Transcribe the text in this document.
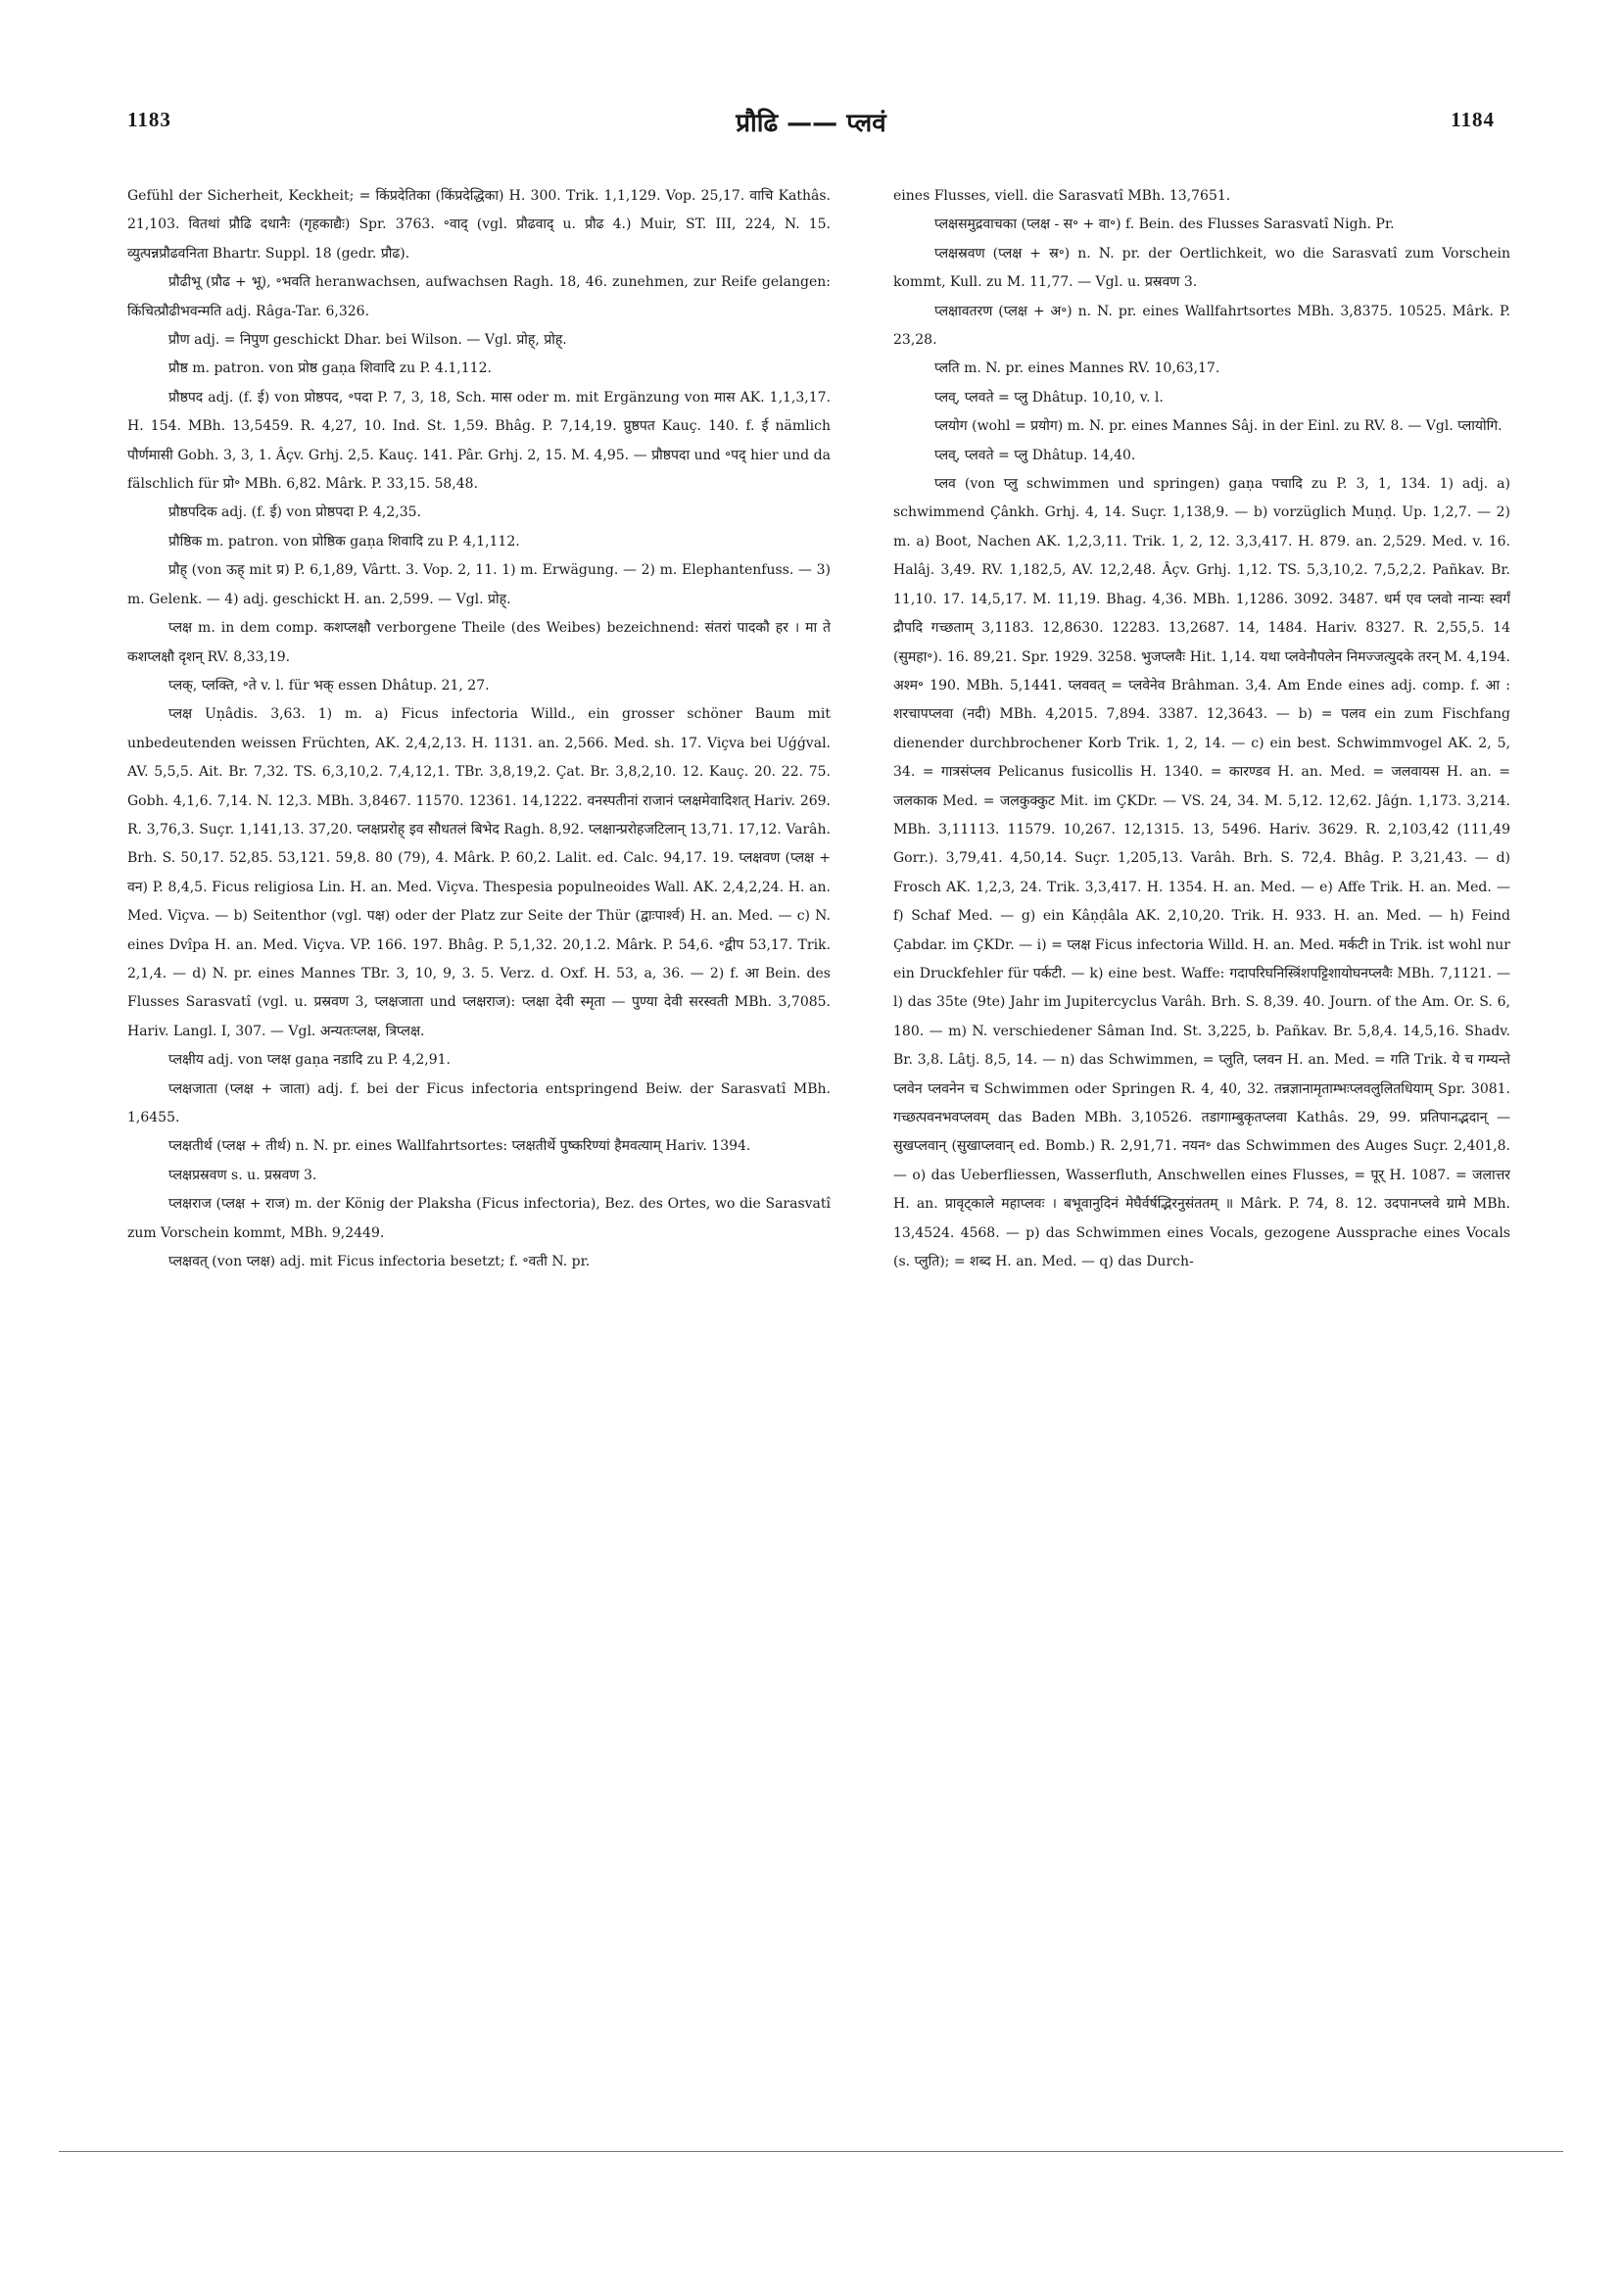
1183	प्रौढि —— प्लवं	1184

Gefühl der Sicherheit, Keckheit; = किंप्रदेतिका (किंप्रदेद्धिका) H. 300. Trik. 1,1,129. Vop. 25,17. वाचि Kathâs. 21,103. वितथां प्रौढि दधानैः (गृहकाद्यैः) Spr. 3763. ॰वाद् (vgl. प्रौढवाद् u. प्रौढ 4.) Muir, ST. III, 224, N. 15. व्युत्पन्नप्रौढवनिता Bhartr. Suppl. 18 (gedr. प्रौढ).

प्रौढीभू (प्रौढ + भू), ॰भवति heranwachsen, aufwachsen Ragh. 18, 46. zunehmen, zur Reife gelangen: किंचित्प्रौढीभवन्मति adj. Râga-Tar. 6,326.

प्रौण adj. = निपुण geschickt Dhar. bei Wilson. — Vgl. प्रोह्, प्रोह्.

प्रौष्ठ m. patron. von प्रोष्ठ gaṇa शिवादि zu P. 4.1,112.

प्रौष्ठपद adj. (f. ई) von प्रोष्ठपद, ॰पदा P. 7, 3, 18, Sch. मास oder m. mit Ergänzung von मास AK. 1,1,3,17. H. 154. MBh. 13,5459. R. 4,27, 10. Ind. St. 1,59. Bhâg. P. 7,14,19. प्रुष्ठपत Kauç. 140. f. ई nämlich पौर्णमासी Gobh. 3, 3, 1. Âçv. Grhj. 2,5. Kauç. 141. Pâr. Grhj. 2, 15. M. 4,95. — प्रौष्ठपदा und ॰पद् hier und da fälschlich für प्रो॰ MBh. 6,82. Mârk. P. 33,15. 58,48.

प्रौष्ठपदिक adj. (f. ई) von प्रोष्ठपदा P. 4,2,35.

प्रौष्ठिक m. patron. von प्रोष्ठिक gaṇa शिवादि zu P. 4,1,112.

प्रौह् (von ऊह् mit प्र) P. 6,1,89, Vârtt. 3. Vop. 2, 11. 1) m. Erwägung. — 2) m. Elephantenfuss. — 3) m. Gelenk. — 4) adj. geschickt H. an. 2,599. — Vgl. प्रोह्.

प्लक्ष m. in dem comp. कशप्लक्षौ verborgene Theile (des Weibes) bezeichnend: संतरां पादकौ हर । मा ते कशप्लक्षौ दृशन् RV. 8,33,19.

प्लक्, प्लक्ति, ॰ते v. l. für भक् essen Dhâtup. 21, 27.

प्लक्ष Uṇâdis. 3,63. 1) m. a) Ficus infectoria Willd., ein grosser schöner Baum mit unbedeutenden weissen Früchten, AK. 2,4,2,13. H. 1131. an. 2,566. Med. sh. 17. Viçva bei Uǵǵval. AV. 5,5,5. Ait. Br. 7,32. TS. 6,3,10,2. 7,4,12,1. TBr. 3,8,19,2. Çat. Br. 3,8,2,10. 12. Kauç. 20. 22. 75. Gobh. 4,1,6. 7,14. N. 12,3. MBh. 3,8467. 11570. 12361. 14,1222. वनस्पतीनां राजानं प्लक्षमेवादिशत् Hariv. 269. R. 3,76,3. Suçr. 1,141,13. 37,20. प्लक्षप्ररोह् इव सौधतलं बिभेद Ragh. 8,92. प्लक्षान्प्ररोहजटिलान् 13,71. 17,12. Varâh. Brh. S. 50,17. 52,85. 53,121. 59,8. 80 (79), 4. Mârk. P. 60,2. Lalit. ed. Calc. 94,17. 19. प्लक्षवण (प्लक्ष + वन) P. 8,4,5. Ficus religiosa Lin. H. an. Med. Viçva. Thespesia populneoides Wall. AK. 2,4,2,24. H. an. Med. Viçva. — b) Seitenthor (vgl. पक्ष) oder der Platz zur Seite der Thür (द्वाःपार्श्व) H. an. Med. — c) N. eines Dvîpa H. an. Med. Viçva. VP. 166. 197. Bhâg. P. 5,1,32. 20,1.2. Mârk. P. 54,6. ॰द्वीप 53,17. Trik. 2,1,4. — d) N. pr. eines Mannes TBr. 3, 10, 9, 3. 5. Verz. d. Oxf. H. 53, a, 36. — 2) f. आ Bein. des Flusses Sarasvatî (vgl. u. प्रस्रवण 3, प्लक्षजाता und प्लक्षराज): प्लक्षा देवी स्मृता — पुण्या देवी सरस्वती MBh. 3,7085. Hariv. Langl. I, 307. — Vgl. अन्यतःप्लक्ष, त्रिप्लक्ष.

प्लक्षीय adj. von प्लक्ष gaṇa नडादि zu P. 4,2,91.

प्लक्षजाता (प्लक्ष + जाता) adj. f. bei der Ficus infectoria entspringend Beiw. der Sarasvatî MBh. 1,6455.

प्लक्षतीर्थ (प्लक्ष + तीर्थ) n. N. pr. eines Wallfahrtsortes: प्लक्षतीर्थे पुष्करिण्यां हैमवत्याम् Hariv. 1394.

प्लक्षप्रस्रवण s. u. प्रस्रवण 3.

प्लक्षराज (प्लक्ष + राज) m. der König der Plaksha (Ficus infectoria), Bez. des Ortes, wo die Sarasvatî zum Vorschein kommt, MBh. 9,2449.

प्लक्षवत् (von प्लक्ष) adj. mit Ficus infectoria besetzt; f. ॰वती N. pr.

eines Flusses, viell. die Sarasvatî MBh. 13,7651.

प्लक्षसमुद्रवाचका (प्लक्ष - स॰ + वा॰) f. Bein. des Flusses Sarasvatî Nigh. Pr.

प्लक्षस्रवण (प्लक्ष + स्र॰) n. N. pr. der Oertlichkeit, wo die Sarasvatî zum Vorschein kommt, Kull. zu M. 11,77. — Vgl. u. प्रस्रवण 3.

प्लक्षावतरण (प्लक्ष + अ॰) n. N. pr. eines Wallfahrtsortes MBh. 3,8375. 10525. Mârk. P. 23,28.

प्लति m. N. pr. eines Mannes RV. 10,63,17.

प्लव्, प्लवते = प्लु Dhâtup. 10,10, v. l.

प्लयोग (wohl = प्रयोग) m. N. pr. eines Mannes Sâj. in der Einl. zu RV. 8. — Vgl. प्लायोगि.

प्लव्, प्लवते = प्लु Dhâtup. 14,40.

प्लव (von प्लु schwimmen und springen) gaṇa पचादि zu P. 3, 1, 134. 1) adj. a) schwimmend Çânkh. Grhj. 4, 14. Suçr. 1,138,9. — b) vorzüglich Muṇḍ. Up. 1,2,7. — 2) m. a) Boot, Nachen AK. 1,2,3,11. Trik. 1, 2, 12. 3,3,417. H. 879. an. 2,529. Med. v. 16. Halâj. 3,49. RV. 1,182,5, AV. 12,2,48. Âçv. Grhj. 1,12. TS. 5,3,10,2. 7,5,2,2. Pañkav. Br. 11,10. 17. 14,5,17. M. 11,19. Bhag. 4,36. MBh. 1,1286. 3092. 3487. धर्म एव प्लवो नान्यः स्वर्गं द्रौपदि गच्छताम् 3,1183. 12,8630. 12283. 13,2687. 14, 1484. Hariv. 8327. R. 2,55,5. 14 (सुमहा॰). 16. 89,21. Spr. 1929. 3258. भुजप्लवैः Hit. 1,14. यथा प्लवेनौपलेन निमज्जत्युदके तरन् M. 4,194. अश्म॰ 190. MBh. 5,1441. प्लववत् = प्लवेनेव Brâhman. 3,4. Am Ende eines adj. comp. f. आ : शरचापप्लवा (नदी) MBh. 4,2015. 7,894. 3387. 12,3643. — b) = पलव ein zum Fischfang dienender durchbrochener Korb Trik. 1, 2, 14. — c) ein best. Schwimmvogel AK. 2, 5, 34. = गात्रसंप्लव Pelicanus fusicollis H. 1340. = कारण्डव H. an. Med. = जलवायस H. an. = जलकाक Med. = जलकुक्कुट Mit. im ÇKDr. — VS. 24, 34. M. 5,12. 12,62. Jâǵn. 1,173. 3,214. MBh. 3,11113. 11579. 10,267. 12,1315. 13, 5496. Hariv. 3629. R. 2,103,42 (111,49 Gorr.). 3,79,41. 4,50,14. Suçr. 1,205,13. Varâh. Brh. S. 72,4. Bhâg. P. 3,21,43. — d) Frosch AK. 1,2,3, 24. Trik. 3,3,417. H. 1354. H. an. Med. — e) Affe Trik. H. an. Med. — f) Schaf Med. — g) ein Kâṇḍâla AK. 2,10,20. Trik. H. 933. H. an. Med. — h) Feind Çabdar. im ÇKDr. — i) = प्लक्ष Ficus infectoria Willd. H. an. Med. मर्कटी in Trik. ist wohl nur ein Druckfehler für पर्कटी. — k) eine best. Waffe: गदापरिघनिस्त्रिंशपट्टिशायोघनप्लवैः MBh. 7,1121. — l) das 35te (9te) Jahr im Jupitercyclus Varâh. Brh. S. 8,39. 40. Journ. of the Am. Or. S. 6, 180. — m) N. verschiedener Sâman Ind. St. 3,225, b. Pañkav. Br. 5,8,4. 14,5,16. Shadv. Br. 3,8. Lâtj. 8,5, 14. — n) das Schwimmen, = प्लुति, प्लवन H. an. Med. = गति Trik. ये च गम्यन्ते प्लवेन प्लवनेन च Schwimmen oder Springen R. 4, 40, 32. तन्नज्ञानामृताम्भःप्लवलुलितधियाम् Spr. 3081. गच्छत्पवनभवप्लवम् das Baden MBh. 3,10526. तडागाम्बुकृतप्लवा Kathâs. 29, 99. प्रतिपानद्भदान् — सुखप्लवान् (सुखाप्लवान् ed. Bomb.) R. 2,91,71. नयन॰ das Schwimmen des Auges Suçr. 2,401,8. — o) das Ueberfliessen, Wasserfluth, Anschwellen eines Flusses, = पूर् H. 1087. = जलात्तर H. an. प्रावृट्काले महाप्लवः । बभूवानुदिनं मेघैर्वर्षद्भिरनुसंततम् ॥ Mârk. P. 74, 8. 12. उदपानप्लवे ग्रामे MBh. 13,4524. 4568. — p) das Schwimmen eines Vocals, gezogene Aussprache eines Vocals (s. प्लुति); = शब्द H. an. Med. — q) das Durch-
